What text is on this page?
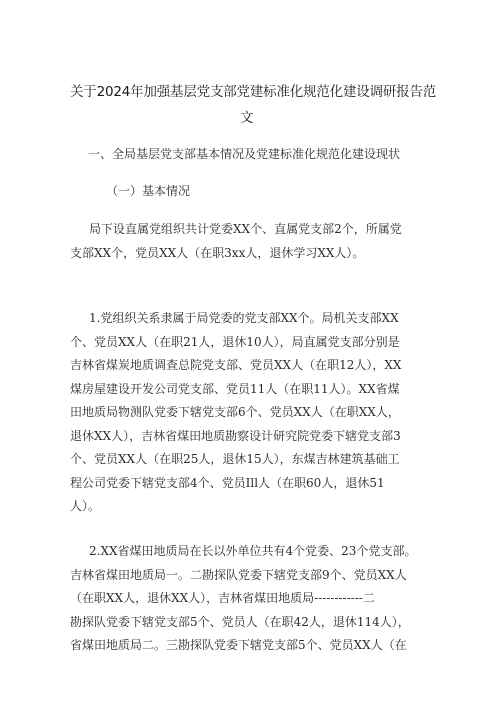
关于2024年加强基层党支部党建标准化规范化建设调研报告范
文
一、全局基层党支部基本情况及党建标准化规范化建设现状
（一）基本情况
局下设直属党组织共计党委XX个、直属党支部2个，所属党
支部XX个，党员XX人（在职3xx人，退休学习XX人）。
1.党组织关系隶属于局党委的党支部XX个。局机关支部XX
个、党员XX人（在职21人，退休10人），局直属党支部分别是
吉林省煤炭地质调查总院党支部、党员XX人（在职12人），XX
煤房屋建设开发公司党支部、党员11人（在职11人）。XX省煤
田地质局物测队党委下辖党支部6个、党员XX人（在职XX人，
退休XX人），吉林省煤田地质勘察设计研究院党委下辖党支部3
个、党员XX人（在职25人，退休15人），东煤吉林建筑基础工
程公司党委下辖党支部4个、党员Ill人（在职60人，退休51
人）。
2.XX省煤田地质局在长以外单位共有4个党委、23个党支部。
吉林省煤田地质局一。二勘探队党委下辖党支部9个、党员XX人
（在职XX人，退休XX人），吉林省煤田地质局------------二
勘探队党委下辖党支部5个、党员人（在职42人，退休114人），
省煤田地质局二。三勘探队党委下辖党支部5个、党员XX人（在
